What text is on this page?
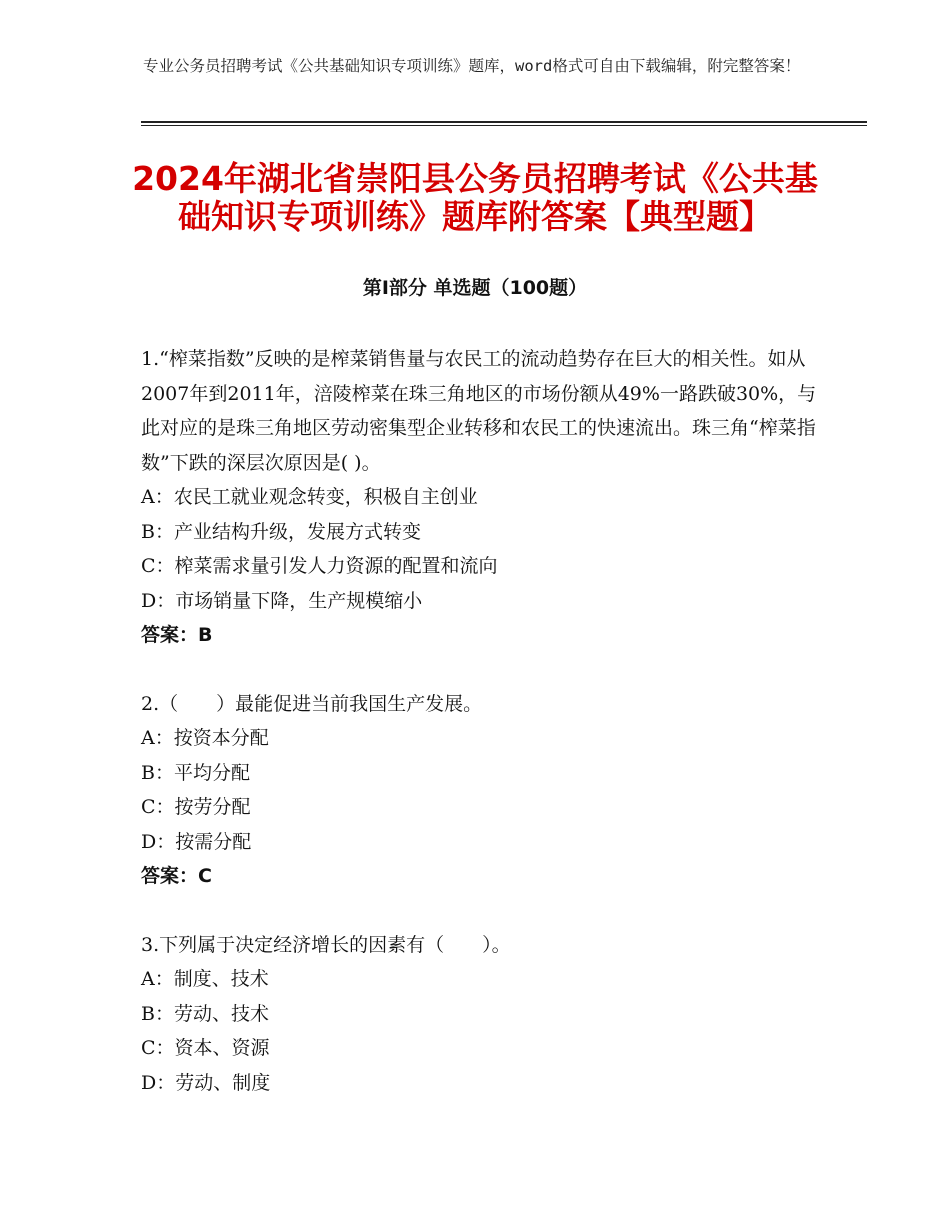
专业公务员招聘考试《公共基础知识专项训练》题库，word格式可自由下载编辑，附完整答案！
2024年湖北省崇阳县公务员招聘考试《公共基础知识专项训练》题库附答案【典型题】
第Ⅰ部分 单选题（100题）
1.“榨菜指数”反映的是榨菜销售量与农民工的流动趋势存在巨大的相关性。如从2007年到2011年，涪陵榨菜在珠三角地区的市场份额从49%一路跌破30%，与此对应的是珠三角地区劳动密集型企业转移和农民工的快速流出。珠三角“榨菜指数”下跌的深层次原因是( )。
A：农民工就业观念转变，积极自主创业
B：产业结构升级，发展方式转变
C：榨菜需求量引发人力资源的配置和流向
D：市场销量下降，生产规模缩小
答案：B
2.（　　）最能促进当前我国生产发展。
A：按资本分配
B：平均分配
C：按劳分配
D：按需分配
答案：C
3.下列属于决定经济增长的因素有（　　）。
A：制度、技术
B：劳动、技术
C：资本、资源
D：劳动、制度
